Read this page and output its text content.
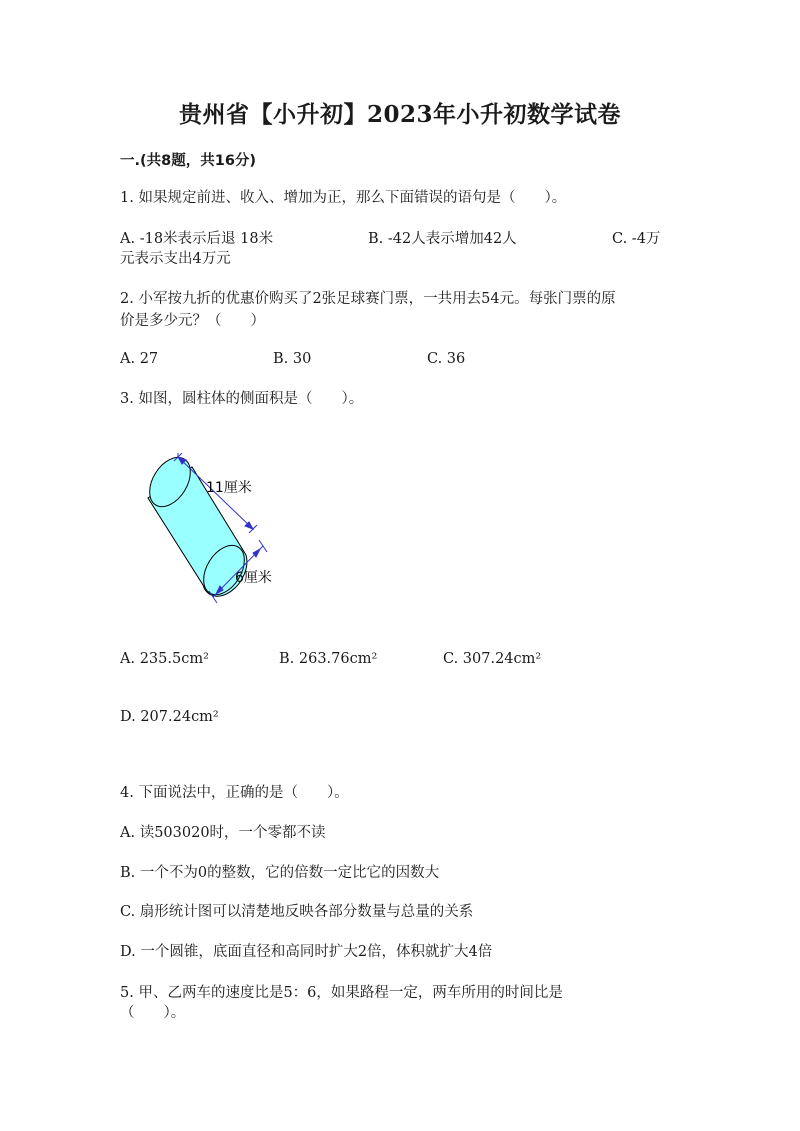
贵州省【小升初】2023年小升初数学试卷
一.(共8题，共16分)
1. 如果规定前进、收入、增加为正，那么下面错误的语句是（　　）。
A. -18米表示后退 18米	B. -42人表示增加42人	C. -4万
元表示支出4万元
2. 小军按九折的优惠价购买了2张足球赛门票，一共用去54元。每张门票的原
价是多少元？（　　）
A. 27	B. 30	C. 36
3. 如图，圆柱体的侧面积是（　　）。
11厘米
6厘米
A. 235.5cm²	B. 263.76cm²	C. 307.24cm²
D. 207.24cm²
4. 下面说法中，正确的是（　　）。
A. 读503020时，一个零都不读
B. 一个不为0的整数，它的倍数一定比它的因数大
C. 扇形统计图可以清楚地反映各部分数量与总量的关系
D. 一个圆锥，底面直径和高同时扩大2倍，体积就扩大4倍
5. 甲、乙两车的速度比是5：6，如果路程一定，两车所用的时间比是
（　　）。
